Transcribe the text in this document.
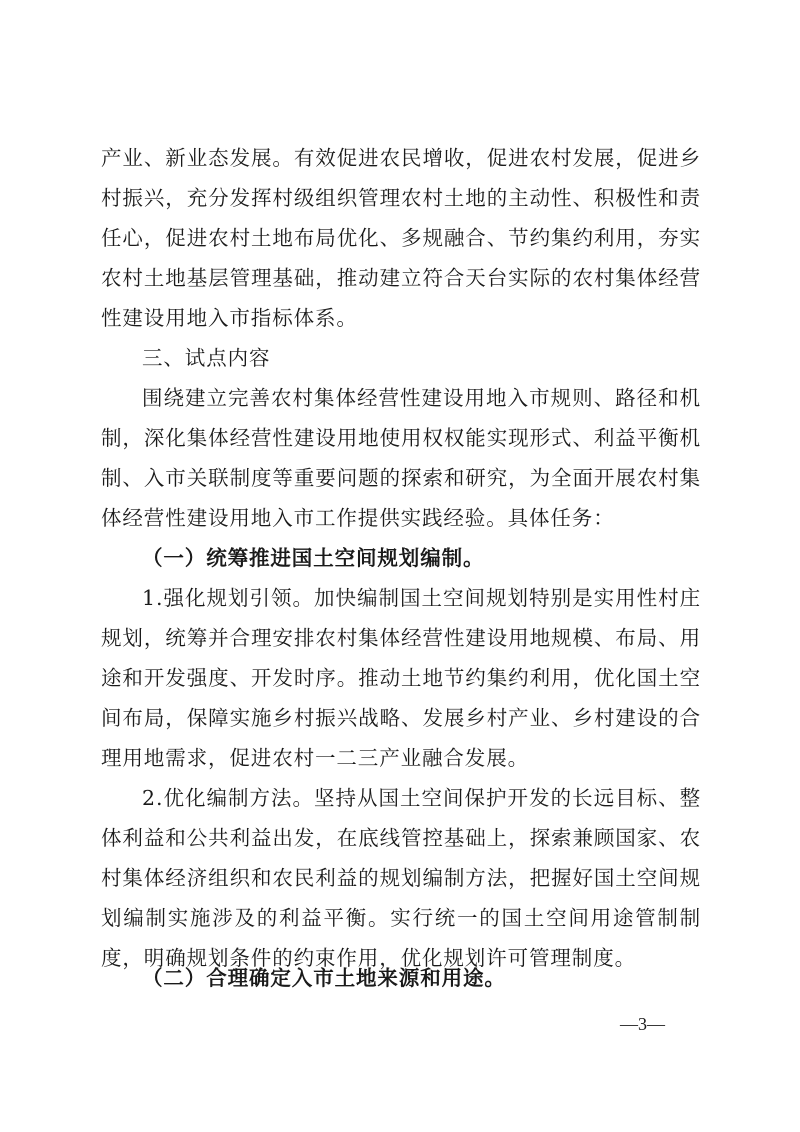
产业、新业态发展。有效促进农民增收，促进农村发展，促进乡村振兴，充分发挥村级组织管理农村土地的主动性、积极性和责任心，促进农村土地布局优化、多规融合、节约集约利用，夯实农村土地基层管理基础，推动建立符合天台实际的农村集体经营性建设用地入市指标体系。

三、试点内容

围绕建立完善农村集体经营性建设用地入市规则、路径和机制，深化集体经营性建设用地使用权权能实现形式、利益平衡机制、入市关联制度等重要问题的探索和研究，为全面开展农村集体经营性建设用地入市工作提供实践经验。具体任务：

（一）统筹推进国土空间规划编制。

1.强化规划引领。加快编制国土空间规划特别是实用性村庄规划，统筹并合理安排农村集体经营性建设用地规模、布局、用途和开发强度、开发时序。推动土地节约集约利用，优化国土空间布局，保障实施乡村振兴战略、发展乡村产业、乡村建设的合理用地需求，促进农村一二三产业融合发展。

2.优化编制方法。坚持从国土空间保护开发的长远目标、整体利益和公共利益出发，在底线管控基础上，探索兼顾国家、农村集体经济组织和农民利益的规划编制方法，把握好国土空间规划编制实施涉及的利益平衡。实行统一的国土空间用途管制制度，明确规划条件的约束作用，优化规划许可管理制度。

（二）合理确定入市土地来源和用途。

—3—
